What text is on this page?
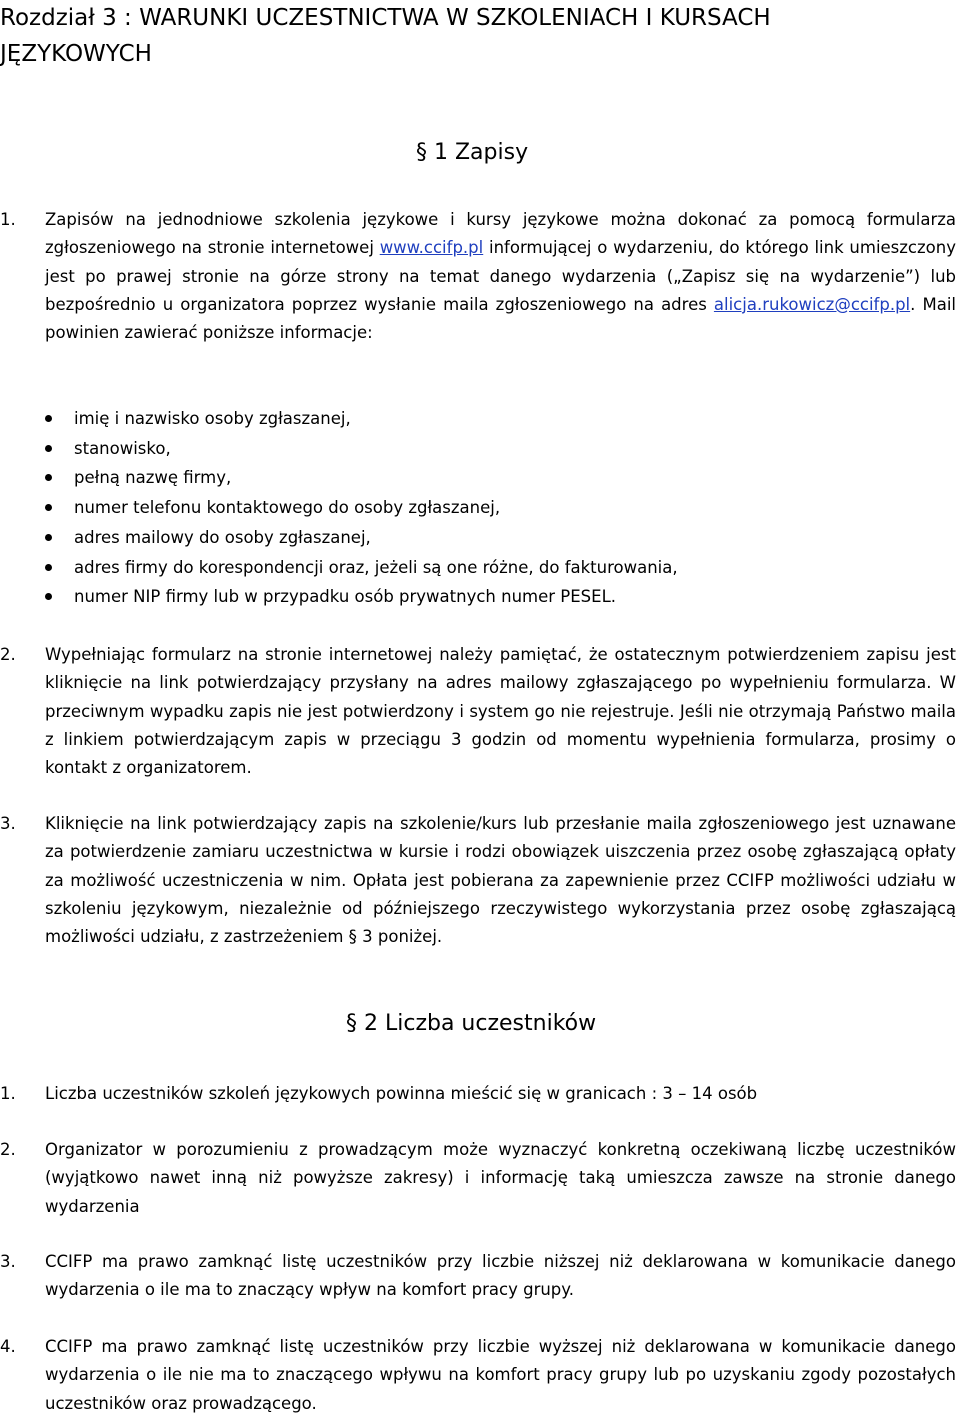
Rozdział 3 : WARUNKI UCZESTNICTWA W SZKOLENIACH I KURSACH JĘZYKOWYCH
§ 1 Zapisy
1.	Zapisów na jednodniowe szkolenia językowe i kursy językowe można dokonać za pomocą formularza zgłoszeniowego na stronie internetowej www.ccifp.pl informującej o wydarzeniu, do którego link umieszczony jest po prawej stronie na górze strony na temat danego wydarzenia („Zapisz się na wydarzenie”) lub bezpośrednio u organizatora poprzez wysłanie maila zgłoszeniowego na adres alicja.rukowicz@ccifp.pl. Mail powinien zawierać poniższe informacje:

imię i nazwisko osoby zgłaszanej,
stanowisko,
pełną nazwę firmy,
numer telefonu kontaktowego do osoby zgłaszanej,
adres mailowy do osoby zgłaszanej,
adres firmy do korespondencji oraz, jeżeli są one różne, do fakturowania,
numer NIP firmy lub w przypadku osób prywatnych numer PESEL.
2.	Wypełniając formularz na stronie internetowej należy pamiętać, że ostatecznym potwierdzeniem zapisu jest kliknięcie na link potwierdzający przysłany na adres mailowy zgłaszającego po wypełnieniu formularza. W przeciwnym wypadku zapis nie jest potwierdzony i system go nie rejestruje. Jeśli nie otrzymają Państwo maila z linkiem potwierdzającym zapis w przeciągu 3 godzin od momentu wypełnienia formularza, prosimy o kontakt z organizatorem.

3.	Kliknięcie na link potwierdzający zapis na szkolenie/kurs lub przesłanie maila zgłoszeniowego jest uznawane za potwierdzenie zamiaru uczestnictwa w kursie i rodzi obowiązek uiszczenia przez osobę zgłaszającą opłaty za możliwość uczestniczenia w nim. Opłata jest pobierana za zapewnienie przez CCIFP możliwości udziału w szkoleniu językowym, niezależnie od późniejszego rzeczywistego wykorzystania przez osobę zgłaszającą możliwości udziału, z zastrzeżeniem § 3 poniżej.

§ 2 Liczba uczestników
1.	Liczba uczestników szkoleń językowych powinna mieścić się w granicach : 3 – 14 osób

2.	Organizator w porozumieniu z prowadzącym może wyznaczyć konkretną oczekiwaną liczbę uczestników (wyjątkowo nawet inną niż powyższe zakresy) i informację taką umieszcza zawsze na stronie danego wydarzenia

3.	CCIFP ma prawo zamknąć listę uczestników przy liczbie niższej niż deklarowana w komunikacie danego wydarzenia o ile ma to znaczący wpływ na komfort pracy grupy.

4.	CCIFP ma prawo zamknąć listę uczestników przy liczbie wyższej niż deklarowana w komunikacie danego wydarzenia o ile nie ma to znaczącego wpływu na komfort pracy grupy lub po uzyskaniu zgody pozostałych uczestników oraz prowadzącego.
